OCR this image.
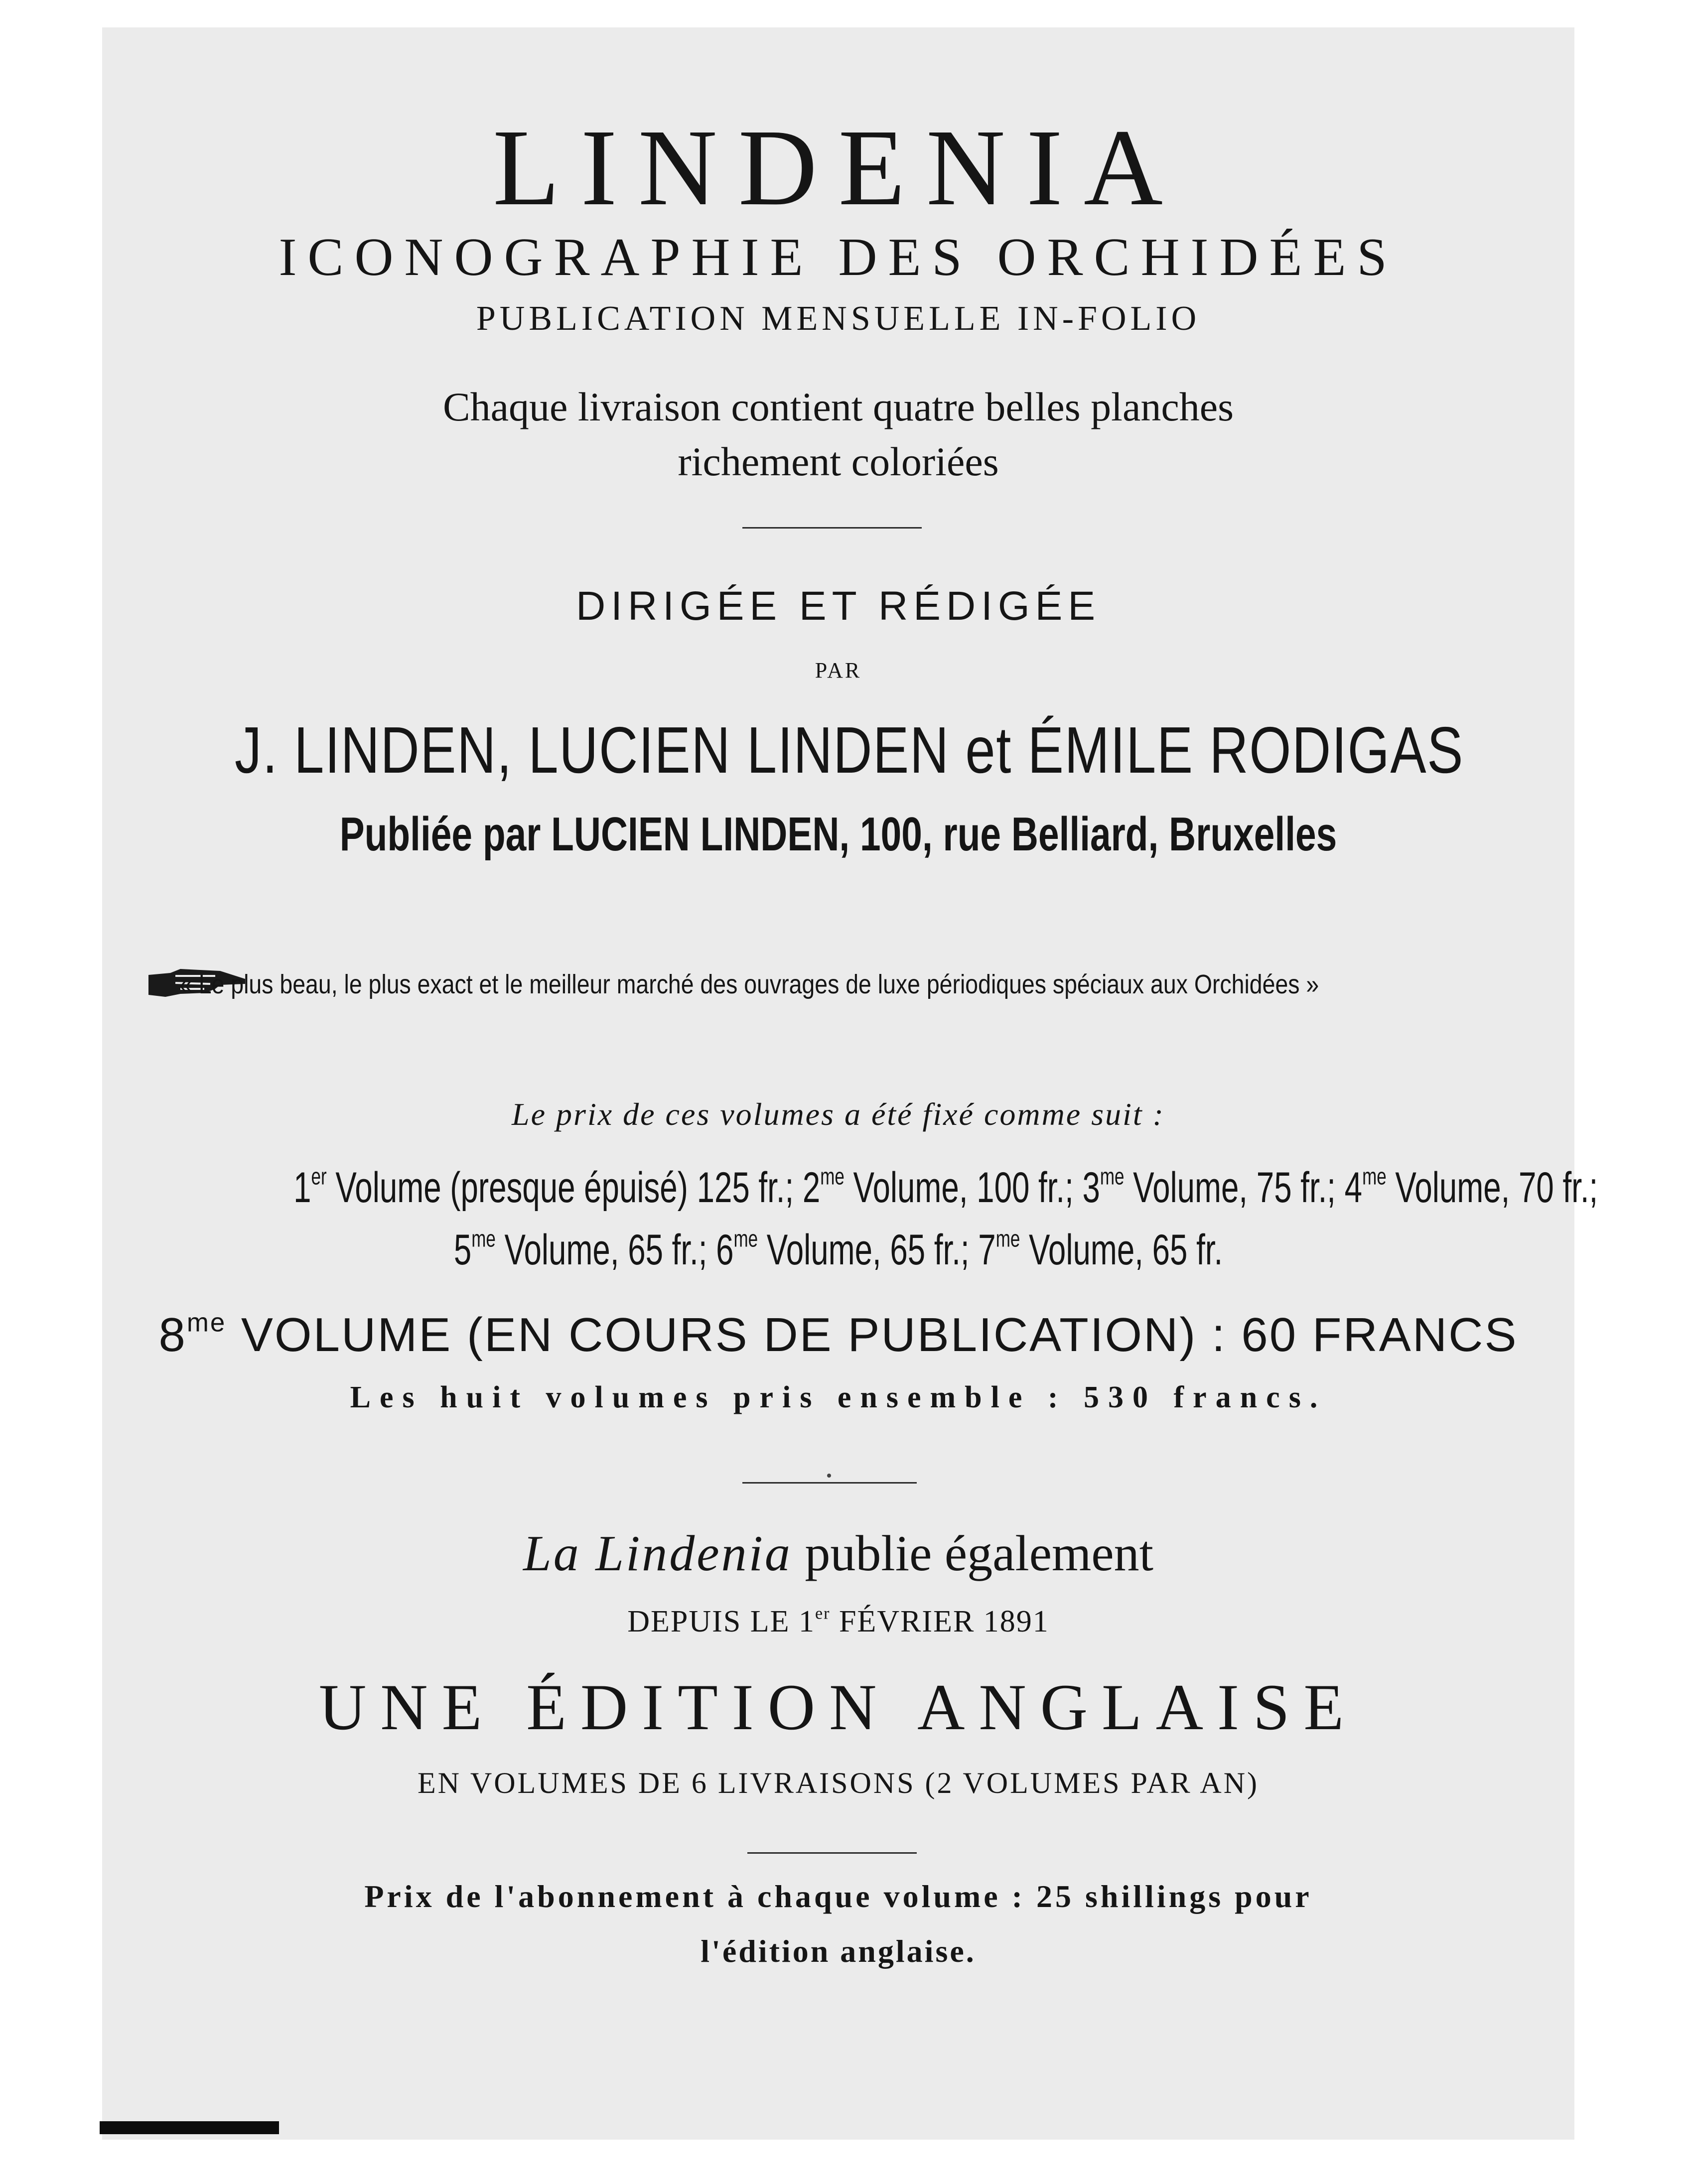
LINDENIA
ICONOGRAPHIE DES ORCHIDÉES
PUBLICATION MENSUELLE IN-FOLIO
Chaque livraison contient quatre belles planches
richement coloriées
DIRIGÉE ET RÉDIGÉE
PAR
J. LINDEN, LUCIEN LINDEN et ÉMILE RODIGAS
Publiée par LUCIEN LINDEN, 100, rue Belliard, Bruxelles
« Le plus beau, le plus exact et le meilleur marché des ouvrages de luxe périodiques spéciaux aux Orchidées »
Le prix de ces volumes a été fixé comme suit :
1er Volume (presque épuisé) 125 fr.; $2^{me}$ Volume, 100 fr.; $3^{me}$ Volume, 75 fr.; $4^{me}$ Volume, 70 fr.;
$5^{me}$ Volume, 65 fr.; $6^{me}$ Volume, 65 fr.; $7^{me}$ Volume, 65 fr.
$8^{me}$ VOLUME (EN COURS DE PUBLICATION) : 60 FRANCS
Les huit volumes pris ensemble : 530 francs.
La Lindenia publie également
DEPUIS LE 1er FÉVRIER 1891
UNE ÉDITION ANGLAISE
EN VOLUMES DE 6 LIVRAISONS (2 VOLUMES PAR AN)
Prix de l'abonnement à chaque volume : 25 shillings pour
l'édition anglaise.
